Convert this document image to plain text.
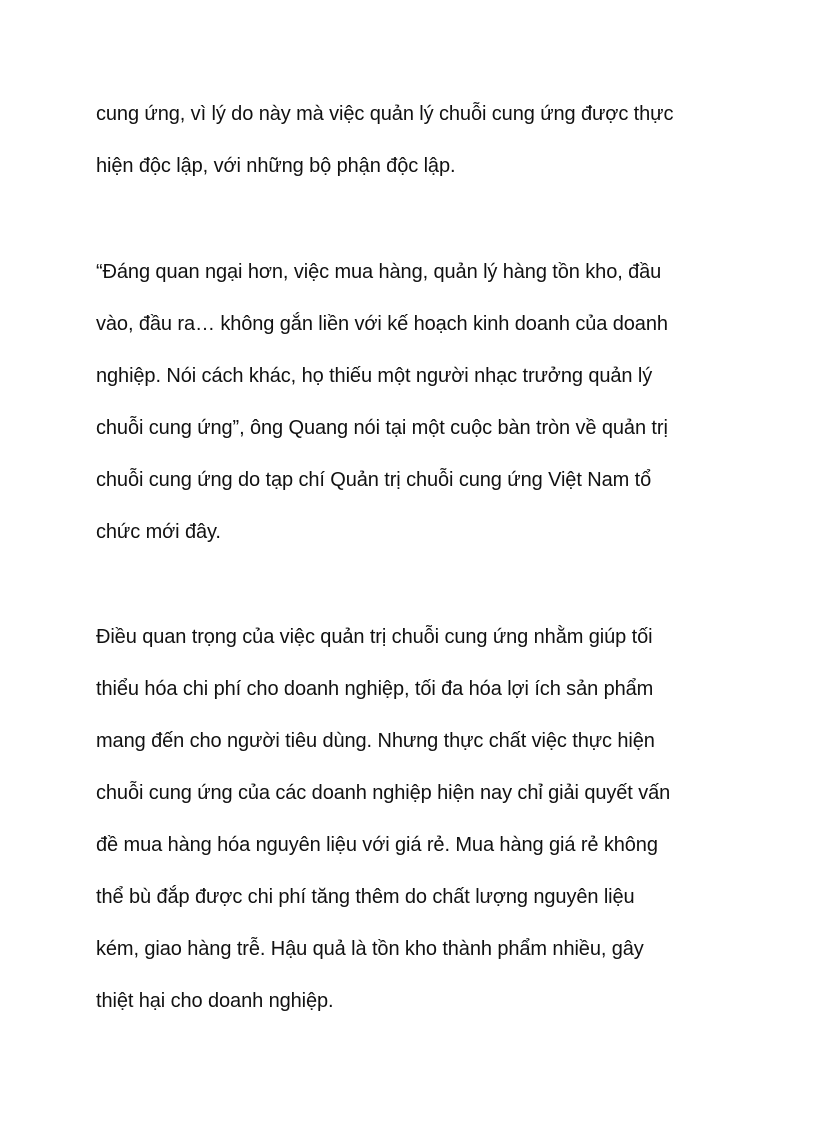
cung ứng, vì lý do này mà việc quản lý chuỗi cung ứng được thực
hiện độc lập, với những bộ phận độc lập.

“Đáng quan ngại hơn, việc mua hàng, quản lý hàng tồn kho, đầu
vào, đầu ra… không gắn liền với kế hoạch kinh doanh của doanh
nghiệp. Nói cách khác, họ thiếu một người nhạc trưởng quản lý
chuỗi cung ứng”, ông Quang nói tại một cuộc bàn tròn về quản trị
chuỗi cung ứng do tạp chí Quản trị chuỗi cung ứng Việt Nam tổ
chức mới đây.

Điều quan trọng của việc quản trị chuỗi cung ứng nhằm giúp tối
thiểu hóa chi phí cho doanh nghiệp, tối đa hóa lợi ích sản phẩm
mang đến cho người tiêu dùng. Nhưng thực chất việc thực hiện
chuỗi cung ứng của các doanh nghiệp hiện nay chỉ giải quyết vấn
đề mua hàng hóa nguyên liệu với giá rẻ. Mua hàng giá rẻ không
thể bù đắp được chi phí tăng thêm do chất lượng nguyên liệu
kém, giao hàng trễ. Hậu quả là tồn kho thành phẩm nhiều, gây
thiệt hại cho doanh nghiệp.
